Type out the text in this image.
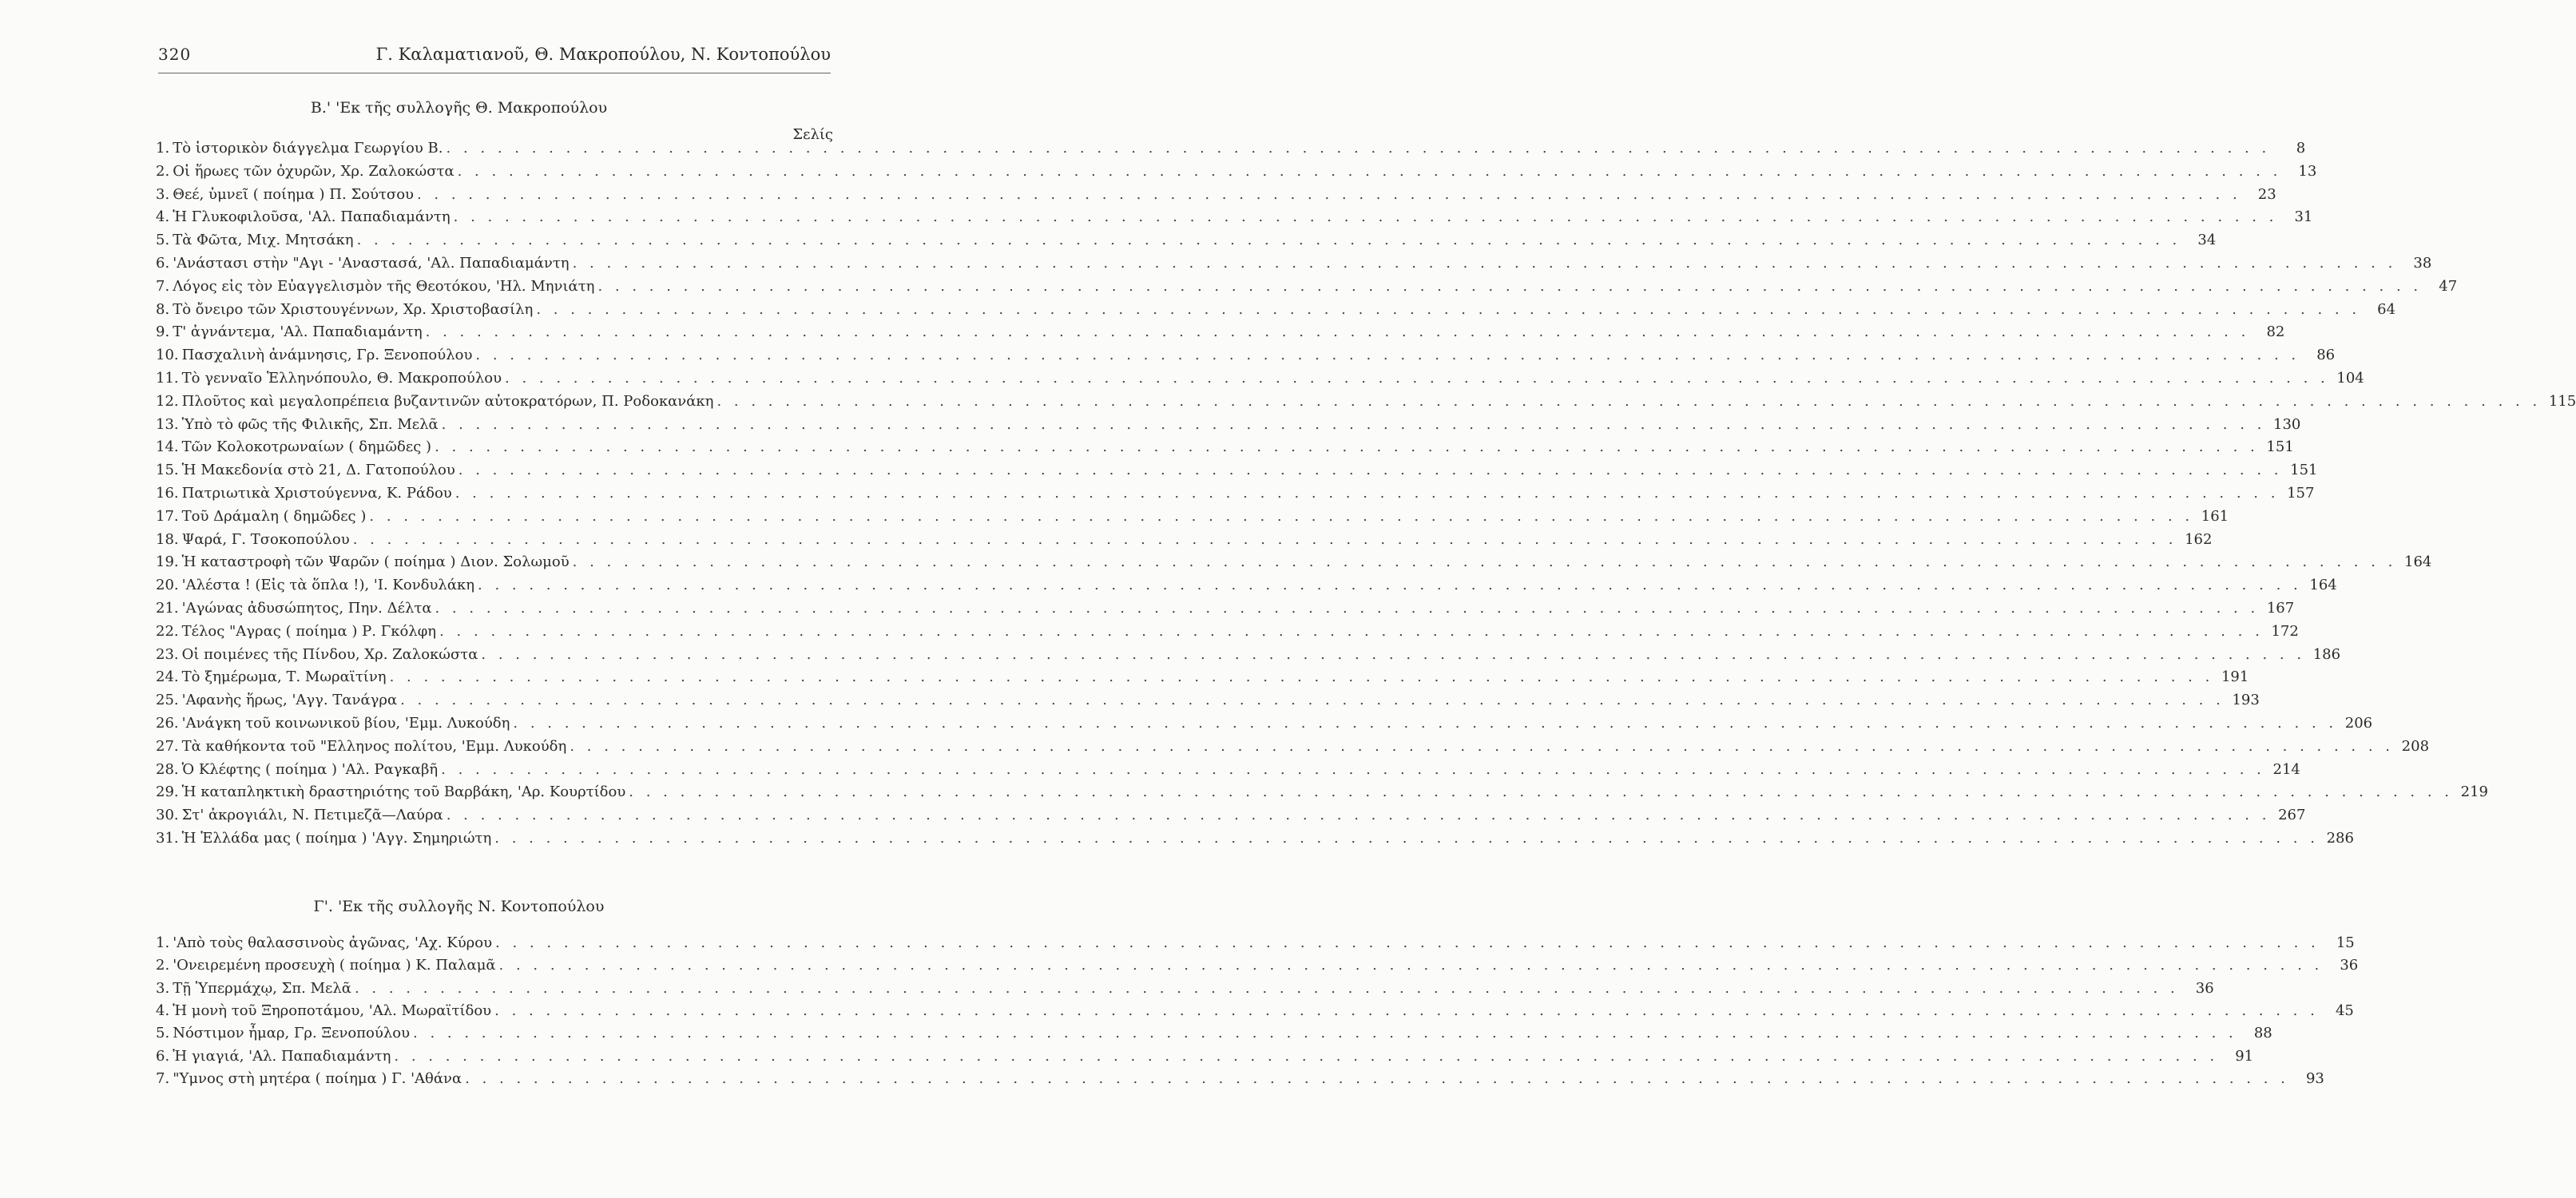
320	Γ. Καλαματιανοῦ, Θ. Μακροπούλου, Ν. Κοντοπούλου
Β.' 'Εκ τῆς συλλογῆς Θ. Μακροπούλου
Σελίς
1. Τὸ ἱστορικὸν διάγγελμα Γεωργίου Β. . . .	8
2. Οἱ ἥρωες τῶν ὀχυρῶν, Χρ. Ζαλοκώστα . . .	13
3. Θεέ, ὑμνεῖ ( ποίημα ) Π. Σούτσου . . .	23
4. Ἡ Γλυκοφιλοῦσα, 'Αλ. Παπαδιαμάντη . . .	31
5. Τὰ Φῶτα, Μιχ. Μητσάκη . . .	34
6. 'Ανάστασι στὴν "Αγι - 'Αναστασά, 'Αλ. Παπαδιαμάντη . . .	38
7. Λόγος εἰς τὸν Εὐαγγελισμὸν τῆς Θεοτόκου, 'Ηλ. Μηνιάτη . . .	47
8. Τὸ ὄνειρο τῶν Χριστουγέννων, Χρ. Χριστοβασίλη . . .	64
9. Τ' ἀγνάντεμα, 'Αλ. Παπαδιαμάντη . . .	82
10. Πασχαλινὴ ἀνάμνησις, Γρ. Ξενοπούλου . . .	86
11. Τὸ γενναῖο Ἑλληνόπουλο, Θ. Μακροπούλου . . .	104
12. Πλοῦτος καὶ μεγαλοπρέπεια βυζαντινῶν αὐτοκρατόρων, Π. Ροδοκανάκη . . .	115
13. Ὑπὸ τὸ φῶς τῆς Φιλικῆς, Σπ. Μελᾶ . . .	130
14. Τῶν Κολοκοτρωναίων ( δημῶδες ) . . .	151
15. Ἡ Μακεδονία στὸ 21, Δ. Γατοπούλου . . .	151
16. Πατριωτικὰ Χριστούγεννα, Κ. Ράδου . . .	157
17. Τοῦ Δράμαλη ( δημῶδες ) . . .	161
18. Ψαρά, Γ. Τσοκοπούλου . . .	162
19. Ἡ καταστροφὴ τῶν Ψαρῶν ( ποίημα ) Διον. Σολωμοῦ . . .	164
20. 'Αλέστα ! (Εἰς τὰ ὅπλα !), 'Ι. Κονδυλάκη . . .	164
21. 'Αγώνας ἀδυσώπητος, Πην. Δέλτα . . .	167
22. Τέλος "Αγρας ( ποίημα ) Ρ. Γκόλφη . . .	172
23. Οἱ ποιμένες τῆς Πίνδου, Χρ. Ζαλοκώστα . . .	186
24. Τὸ ξημέρωμα, Τ. Μωραϊτίνη . . .	191
25. 'Αφανὴς ἥρως, 'Αγγ. Τανάγρα . . .	193
26. 'Ανάγκη τοῦ κοινωνικοῦ βίου, 'Εμμ. Λυκούδη . . .	206
27. Τὰ καθήκοντα τοῦ "Ελληνος πολίτου, 'Εμμ. Λυκούδη . . .	208
28. Ὁ Κλέφτης ( ποίημα ) 'Αλ. Ραγκαβῆ . . .	214
29. Ἡ καταπληκτικὴ δραστηριότης τοῦ Βαρβάκη, 'Αρ. Κουρτίδου . . .	219
30. Στ' ἀκρογιάλι, Ν. Πετιμεζᾶ—Λαύρα . . .	267
31. Ἡ Ἑλλάδα μας ( ποίημα ) 'Αγγ. Σημηριώτη . . .	286
Γ'. 'Εκ τῆς συλλογῆς Ν. Κοντοπούλου
1. 'Απὸ τοὺς θαλασσινοὺς ἀγῶνας, 'Αχ. Κύρου . . .	15
2. 'Ονειρεμένη προσευχὴ ( ποίημα ) Κ. Παλαμᾶ . . .	36
3. Τῇ Ὑπερμάχῳ, Σπ. Μελᾶ . . .	36
4. Ἡ μονὴ τοῦ Ξηροποτάμου, 'Αλ. Μωραϊτίδου . . .	45
5. Νόστιμον ἦμαρ, Γρ. Ξενοπούλου . . .	88
6. Ἡ γιαγιά, 'Αλ. Παπαδιαμάντη . . .	91
7. "Υμνος στὴ μητέρα ( ποίημα ) Γ. 'Αθάνα . . .	93
